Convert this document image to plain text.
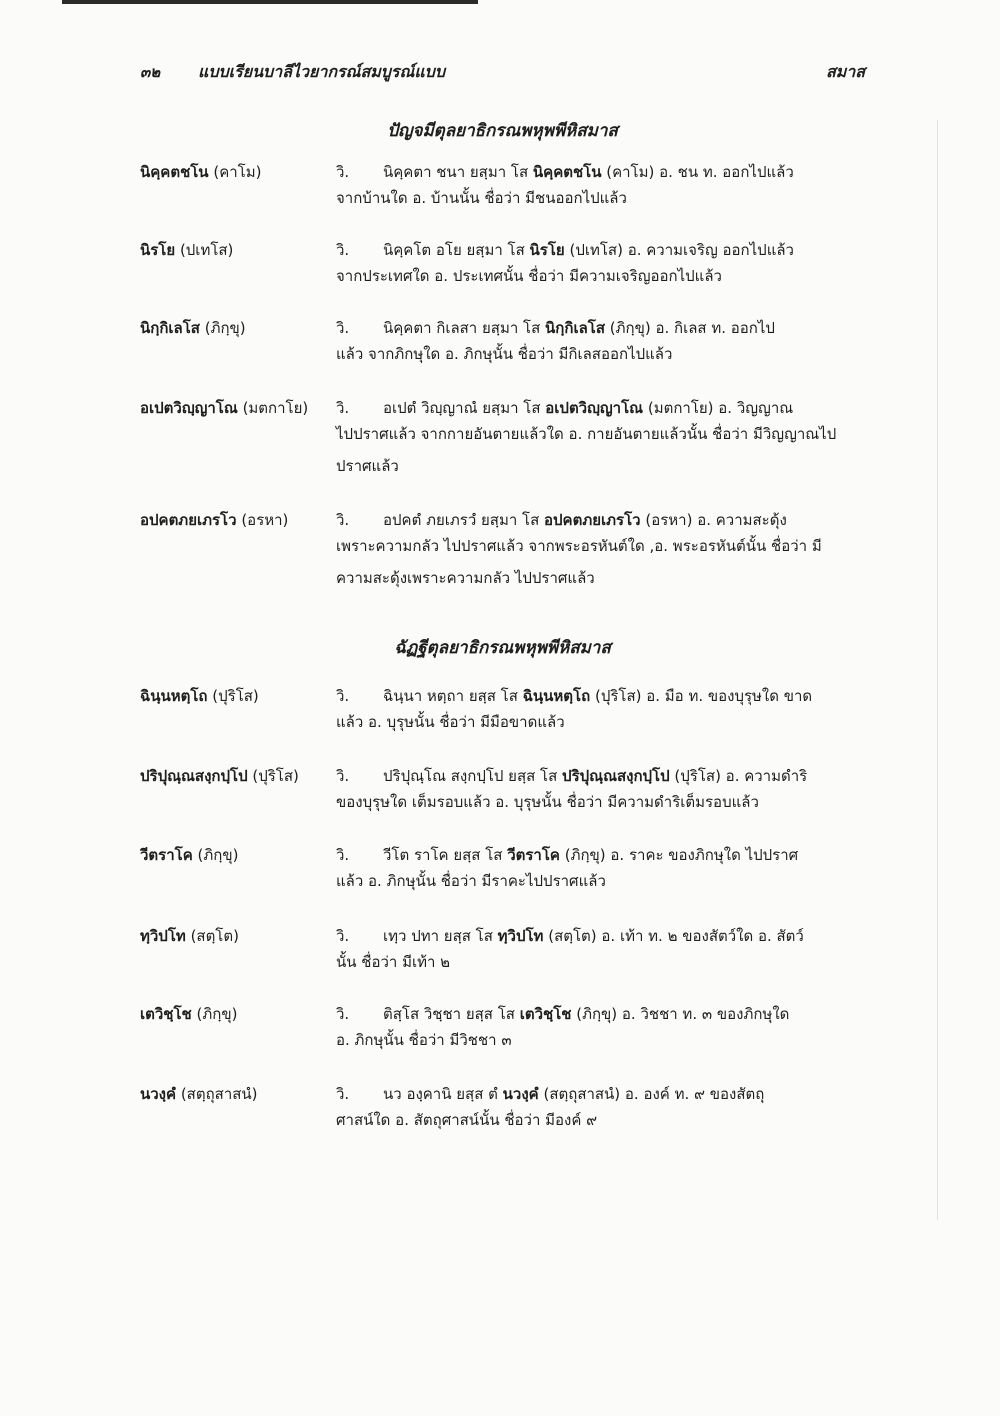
๓๒ แบบเรียนบาลีไวยากรณ์สมบูรณ์แบบ	สมาส
ปัญจมีตุลยาธิกรณพหุพพีหิสมาส
นิคฺคตชโน (คาโม)	วิ. นิคฺคตา ชนา ยสฺมา โส นิคฺคตชโน (คาโม) อ. ชน ท. ออกไปแล้ว
จากบ้านใด อ. บ้านนั้น ชื่อว่า มีชนออกไปแล้ว
นิรโย (ปเทโส)	วิ. นิคฺคโต อโย ยสฺมา โส นิรโย (ปเทโส) อ. ความเจริญ ออกไปแล้ว
จากประเทศใด อ. ประเทศนั้น ชื่อว่า มีความเจริญออกไปแล้ว
นิกฺกิเลโส (ภิกฺขุ)	วิ. นิคฺคตา กิเลสา ยสฺมา โส นิกฺกิเลโส (ภิกฺขุ) อ. กิเลส ท. ออกไป
แล้ว จากภิกษุใด อ. ภิกษุนั้น ชื่อว่า มีกิเลสออกไปแล้ว
อเปตวิญฺญาโณ (มตกาโย) วิ. อเปตํ วิญฺญาณํ ยสฺมา โส อเปตวิญฺญาโณ (มตกาโย) อ. วิญญาณ
ไปปราศแล้ว จากกายอันตายแล้วใด อ. กายอันตายแล้วนั้น ชื่อว่า มีวิญญาณไป
ปราศแล้ว
อปคตภยเภรโว (อรหา)	วิ. อปคตํ ภยเภรวํ ยสฺมา โส อปคตภยเภรโว (อรหา) อ. ความสะดุ้ง
เพราะความกลัว ไปปราศแล้ว จากพระอรหันต์ใด ,อ. พระอรหันต์นั้น ชื่อว่า มี
ความสะดุ้งเพราะความกลัว ไปปราศแล้ว
ฉัฏฐีตุลยาธิกรณพหุพพีหิสมาส
ฉินฺนหตฺโถ (ปุริโส)	วิ. ฉินฺนา หตฺถา ยสฺส โส ฉินฺนหตฺโถ (ปุริโส) อ. มือ ท. ของบุรุษใด ขาด
แล้ว อ. บุรุษนั้น ชื่อว่า มีมือขาดแล้ว
ปริปุณฺณสงฺกปฺโป (ปุริโส) วิ. ปริปุณฺโณ สงฺกปฺโป ยสฺส โส ปริปุณฺณสงฺกปฺโป (ปุริโส) อ. ความดำริ
ของบุรุษใด เต็มรอบแล้ว อ. บุรุษนั้น ชื่อว่า มีความดำริเต็มรอบแล้ว
วีตราโค (ภิกฺขุ)	วิ. วีโต ราโค ยสฺส โส วีตราโค (ภิกฺขุ) อ. ราคะ ของภิกษุใด ไปปราศ
แล้ว อ. ภิกษุนั้น ชื่อว่า มีราคะไปปราศแล้ว
ทฺวิปโท (สตฺโต)	วิ. เทฺว ปทา ยสฺส โส ทฺวิปโท (สตฺโต) อ. เท้า ท. ๒ ของสัตว์ใด อ. สัตว์
นั้น ชื่อว่า มีเท้า ๒
เตวิชฺโช (ภิกฺขุ)	วิ. ติสฺโส วิชฺชา ยสฺส โส เตวิชฺโช (ภิกฺขุ) อ. วิชชา ท. ๓ ของภิกษุใด
อ. ภิกษุนั้น ชื่อว่า มีวิชชา ๓
นวงฺคํ (สตฺถุสาสนํ)	วิ. นว องฺคานิ ยสฺส ตํ นวงฺคํ (สตฺถุสาสนํ) อ. องค์ ท. ๙ ของสัตถุ
ศาสน์ใด อ. สัตถุศาสน์นั้น ชื่อว่า มีองค์ ๙
